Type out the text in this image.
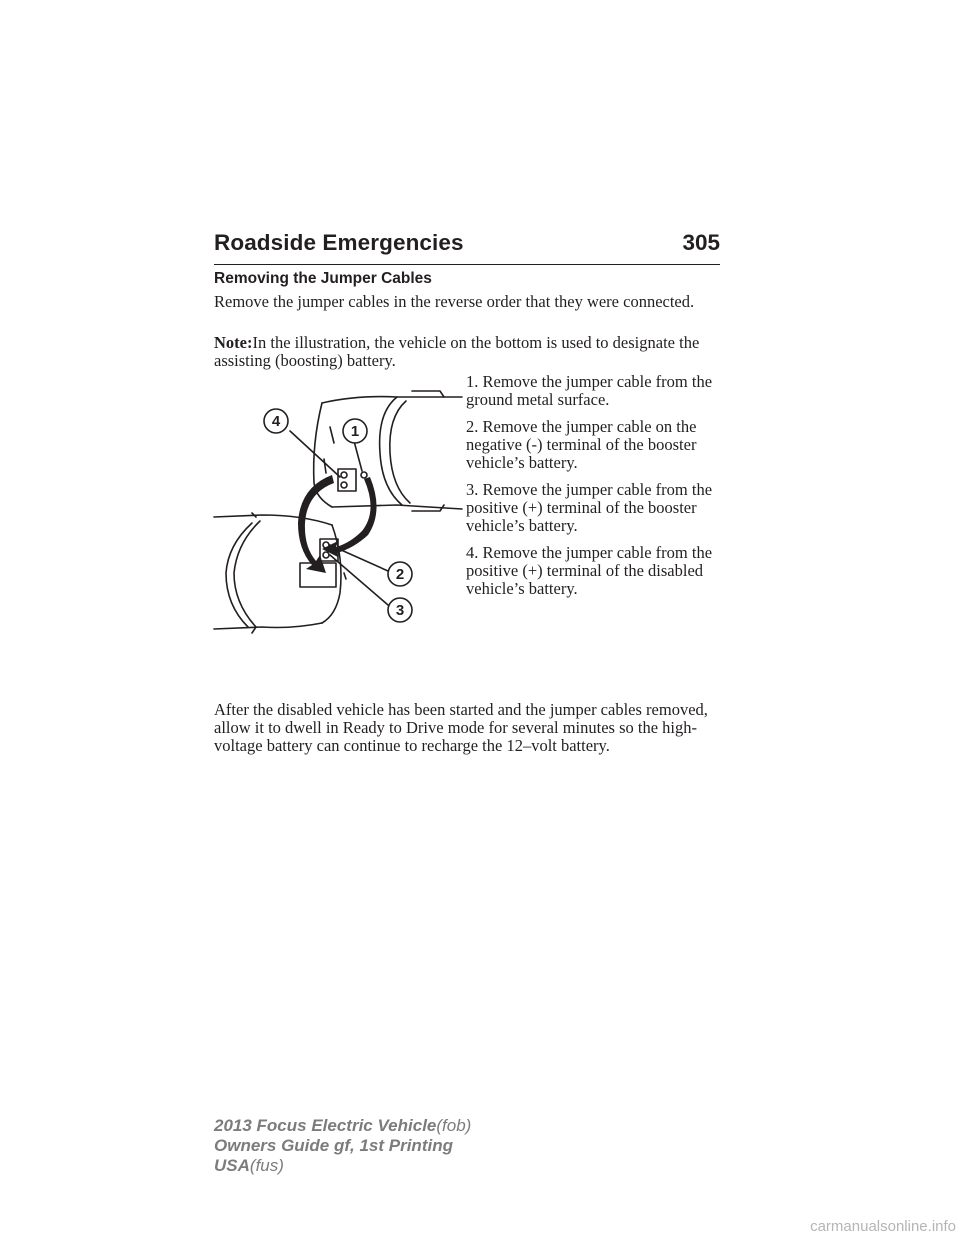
Roadside Emergencies	305
Removing the Jumper Cables

Remove the jumper cables in the reverse order that they were connected.

Note:In the illustration, the vehicle on the bottom is used to designate the assisting (boosting) battery.

1. Remove the jumper cable from the ground metal surface.
2. Remove the jumper cable on the negative (-) terminal of the booster vehicle’s battery.
3. Remove the jumper cable from the positive (+) terminal of the booster vehicle’s battery.
4. Remove the jumper cable from the positive (+) terminal of the disabled vehicle’s battery.
4
1
2
3

After the disabled vehicle has been started and the jumper cables removed, allow it to dwell in Ready to Drive mode for several minutes so the high-voltage battery can continue to recharge the 12–volt battery.

2013 Focus Electric Vehicle(fob)
Owners Guide gf, 1st Printing
USA(fus)
carmanualsonline.info
